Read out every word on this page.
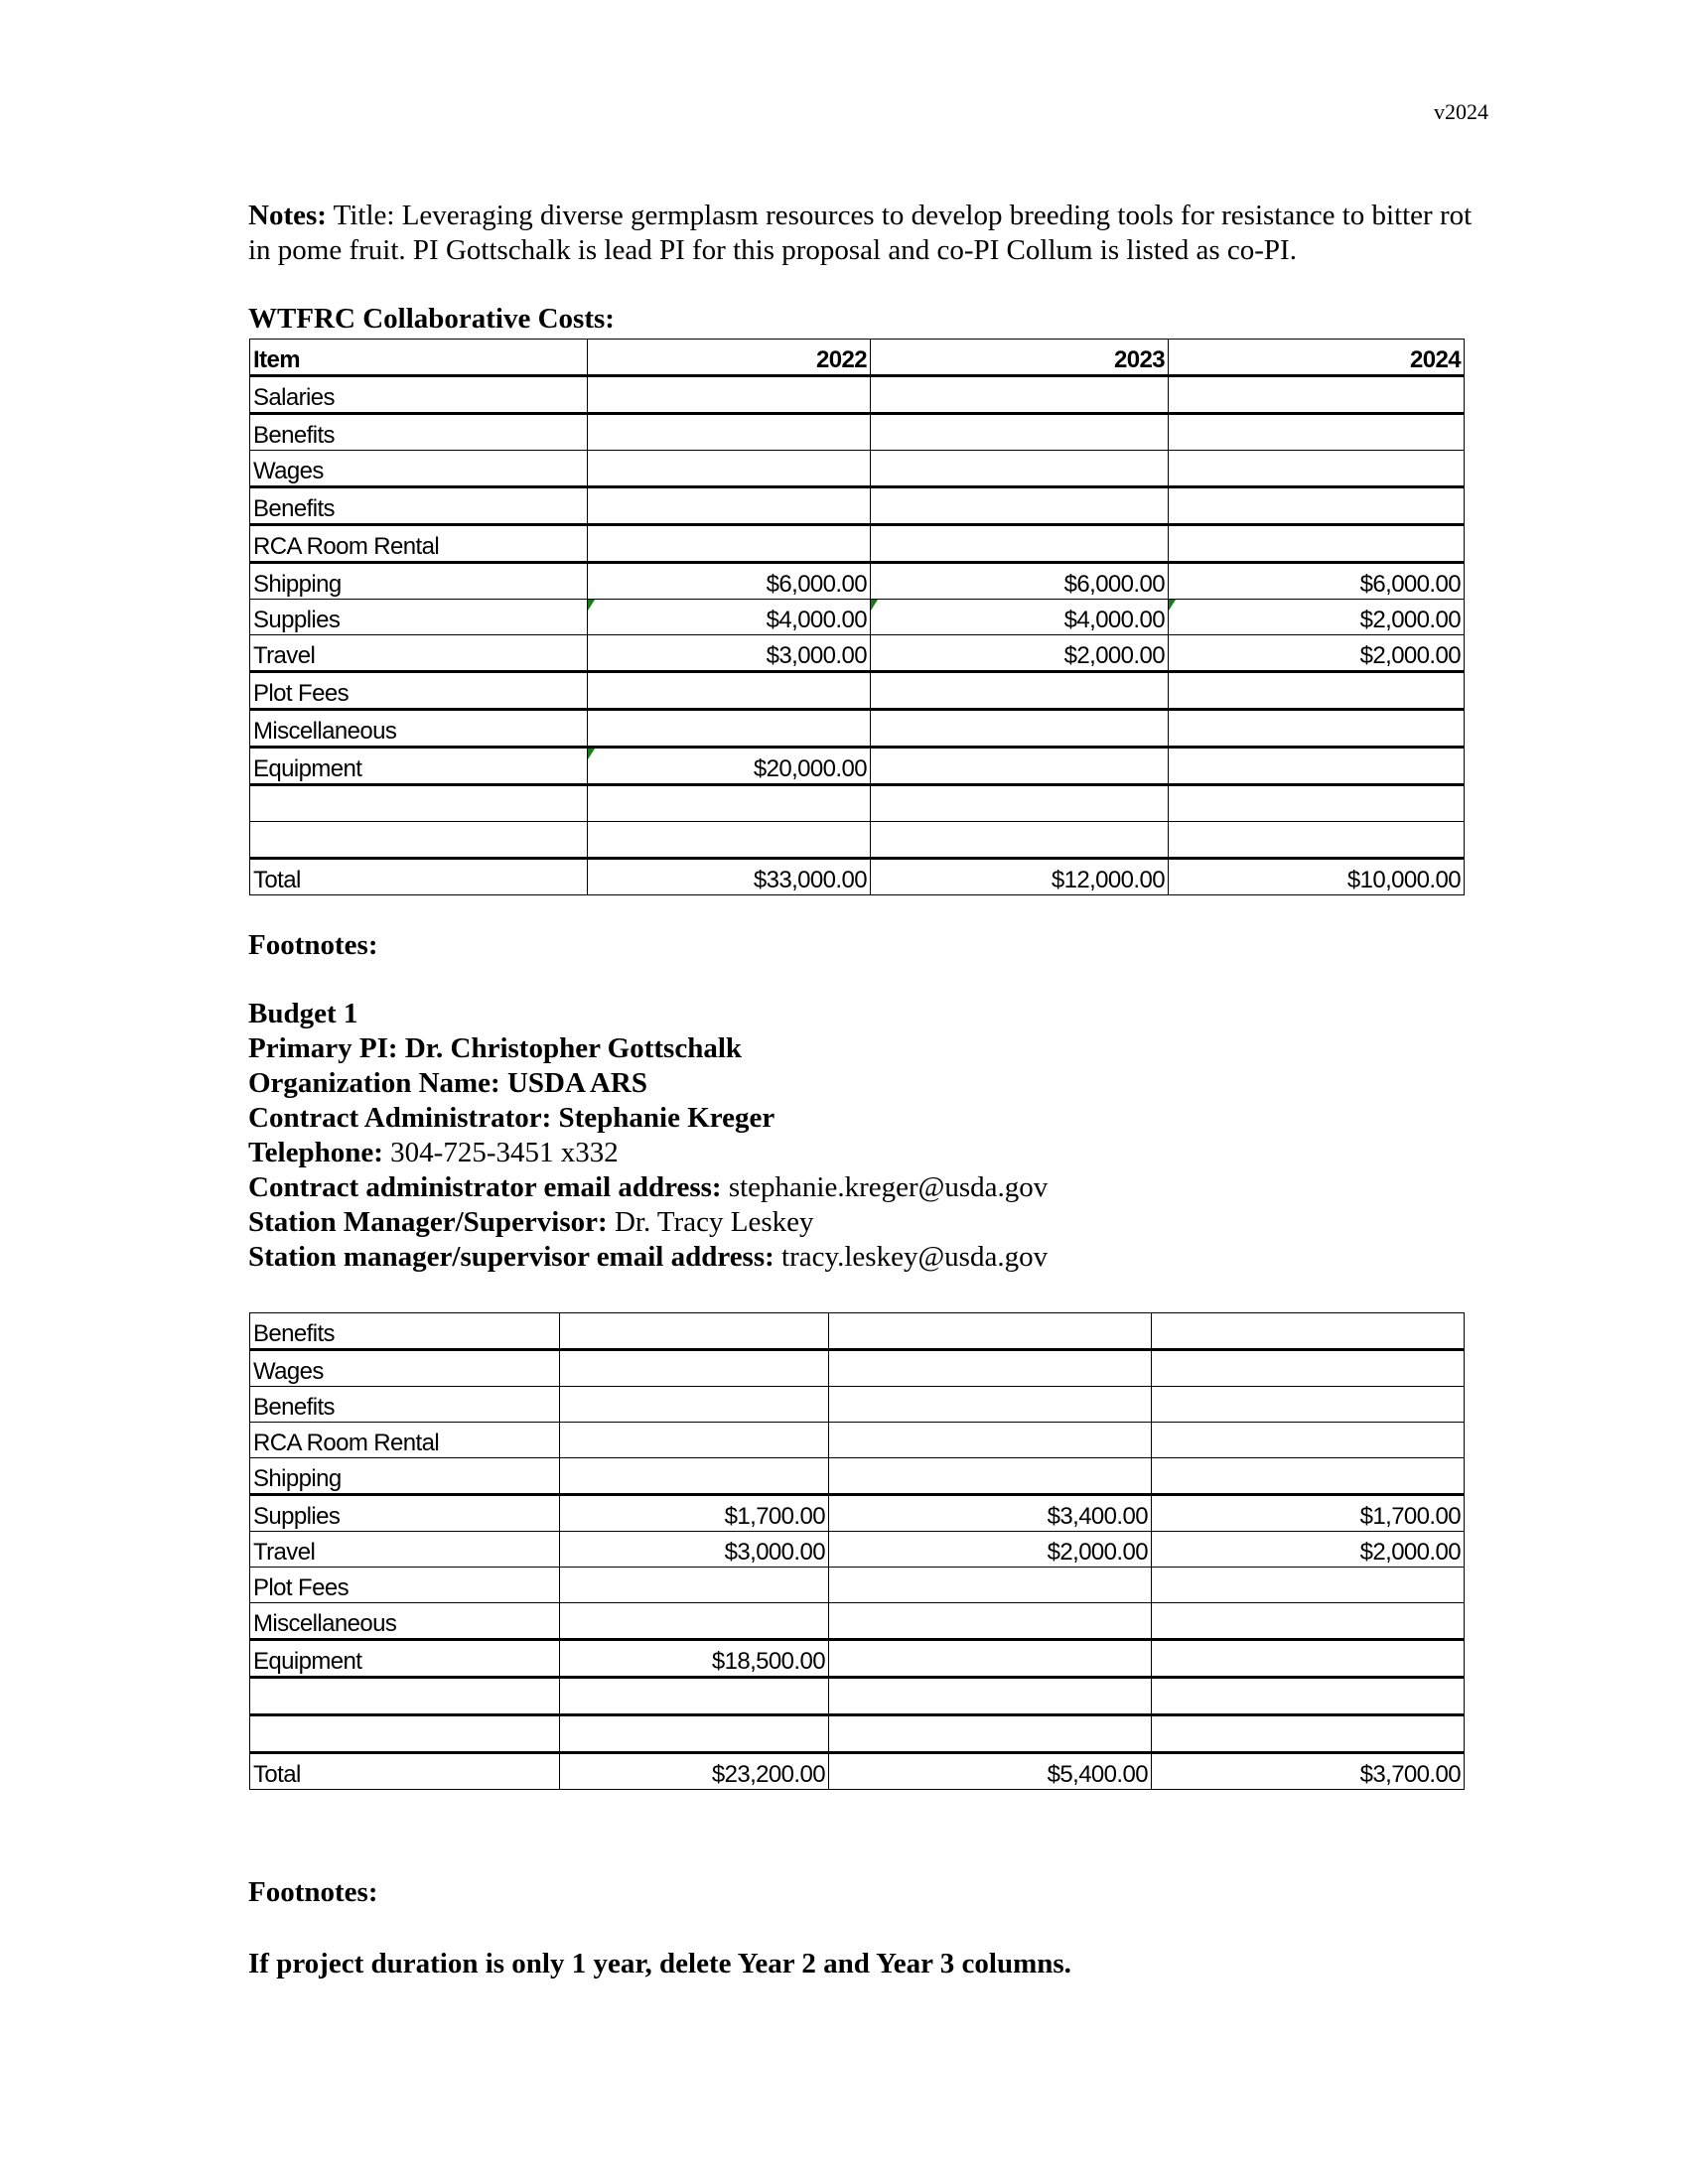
v2024
Notes: Title: Leveraging diverse germplasm resources to develop breeding tools for resistance to bitter rot in pome fruit. PI Gottschalk is lead PI for this proposal and co-PI Collum is listed as co-PI.
WTFRC Collaborative Costs:
Item	2022	2023	2024
Salaries			
Benefits			
Wages			
Benefits			
RCA Room Rental			
Shipping	$6,000.00	$6,000.00	$6,000.00
Supplies	$4,000.00	$4,000.00	$2,000.00
Travel	$3,000.00	$2,000.00	$2,000.00
Plot Fees			
Miscellaneous			
Equipment	$20,000.00		

Total	$33,000.00	$12,000.00	$10,000.00
Footnotes:
Budget 1
Primary PI: Dr. Christopher Gottschalk
Organization Name: USDA ARS
Contract Administrator: Stephanie Kreger
Telephone: 304-725-3451 x332
Contract administrator email address: stephanie.kreger@usda.gov
Station Manager/Supervisor: Dr. Tracy Leskey
Station manager/supervisor email address: tracy.leskey@usda.gov
Benefits			
Wages			
Benefits			
RCA Room Rental			
Shipping			
Supplies	$1,700.00	$3,400.00	$1,700.00
Travel	$3,000.00	$2,000.00	$2,000.00
Plot Fees			
Miscellaneous			
Equipment	$18,500.00		

Total	$23,200.00	$5,400.00	$3,700.00
Footnotes:
If project duration is only 1 year, delete Year 2 and Year 3 columns.
